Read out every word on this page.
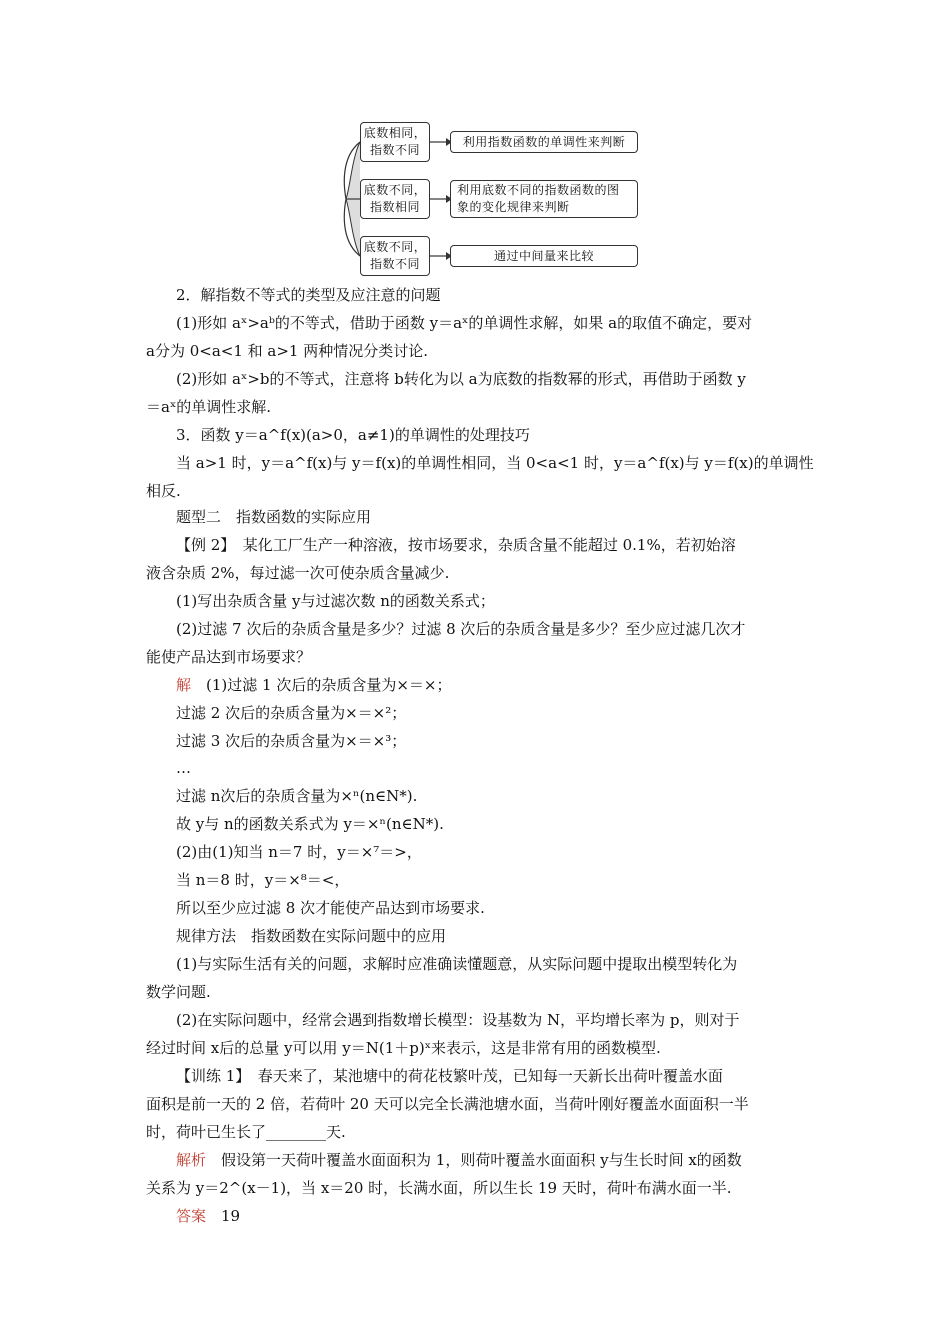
底数相同，
指数不同
利用指数函数的单调性来判断
底数不同，
指数相同
利用底数不同的指数函数的图
象的变化规律来判断
底数不同，
指数不同
通过中间量来比较
2．解指数不等式的类型及应注意的问题
(1)形如 aˣ>aᵇ的不等式，借助于函数 y＝aˣ的单调性求解，如果 a的取值不确定，要对
a分为 0<a<1 和 a>1 两种情况分类讨论.
(2)形如 aˣ>b的不等式，注意将 b转化为以 a为底数的指数幂的形式，再借助于函数 y
＝aˣ的单调性求解.
3．函数 y＝a^f(x)(a>0，a≠1)的单调性的处理技巧
当 a>1 时，y＝a^f(x)与 y＝f(x)的单调性相同，当 0<a<1 时，y＝a^f(x)与 y＝f(x)的单调性
相反.
题型二　指数函数的实际应用
【例 2】　某化工厂生产一种溶液，按市场要求，杂质含量不能超过 0.1%，若初始溶
液含杂质 2%，每过滤一次可使杂质含量减少.
(1)写出杂质含量 y与过滤次数 n的函数关系式；
(2)过滤 7 次后的杂质含量是多少？过滤 8 次后的杂质含量是多少？至少应过滤几次才
能使产品达到市场要求？
解　(1)过滤 1 次后的杂质含量为×＝×；
过滤 2 次后的杂质含量为×＝×²；
过滤 3 次后的杂质含量为×＝×³；
…
过滤 n次后的杂质含量为×ⁿ(n∈N*).
故 y与 n的函数关系式为 y＝×ⁿ(n∈N*).
(2)由(1)知当 n＝7 时，y＝×⁷＝>，
当 n＝8 时，y＝×⁸＝<，
所以至少应过滤 8 次才能使产品达到市场要求.
规律方法　指数函数在实际问题中的应用
(1)与实际生活有关的问题，求解时应准确读懂题意，从实际问题中提取出模型转化为
数学问题.
(2)在实际问题中，经常会遇到指数增长模型：设基数为 N，平均增长率为 p，则对于
经过时间 x后的总量 y可以用 y＝N(1＋p)ˣ来表示，这是非常有用的函数模型.
【训练 1】　春天来了，某池塘中的荷花枝繁叶茂，已知每一天新长出荷叶覆盖水面
面积是前一天的 2 倍，若荷叶 20 天可以完全长满池塘水面，当荷叶刚好覆盖水面面积一半
时，荷叶已生长了________天.
解析　假设第一天荷叶覆盖水面面积为 1，则荷叶覆盖水面面积 y与生长时间 x的函数
关系为 y＝2^(x－1)，当 x＝20 时，长满水面，所以生长 19 天时，荷叶布满水面一半.
答案　19
